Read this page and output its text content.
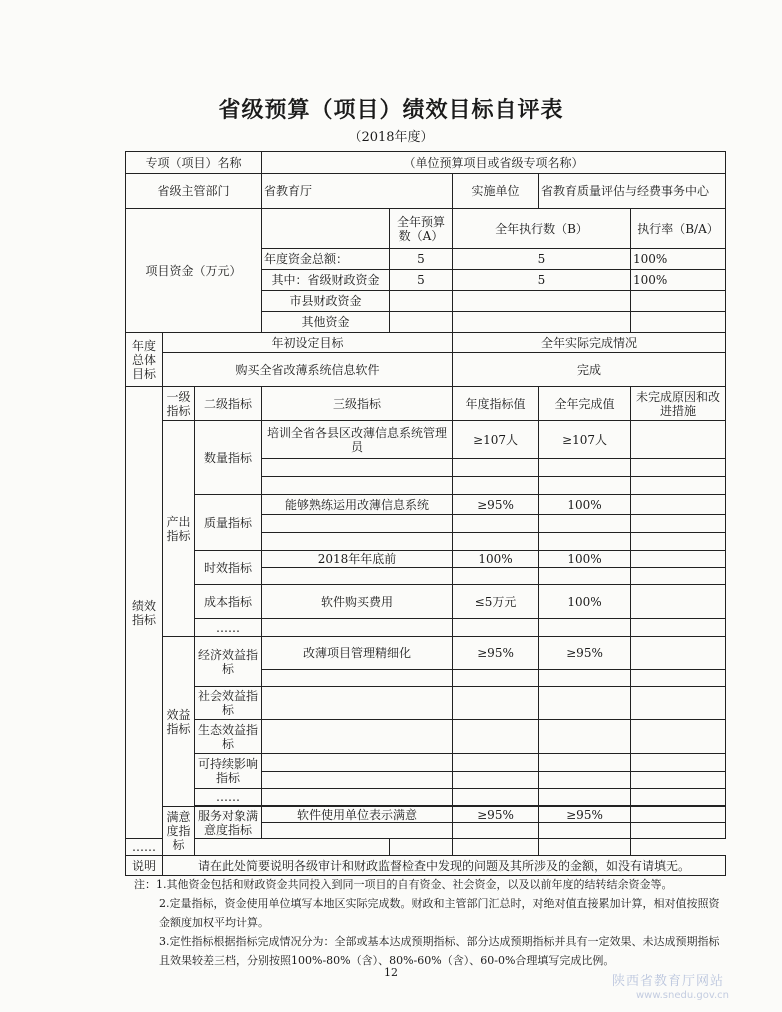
省级预算（项目）绩效目标自评表
（2018年度）
专项（项目）名称			（单位预算项目或省级专项名称）				
省级主管部门			省教育厅		实施单位	省教育质量评估与经费事务中心	
项目资金（万元）				全年预算数（A）	全年执行数（B）		执行率（B/A）
			年度资金总额：	5	5		100%
			其中：省级财政资金	5	5		100%
			市县财政资金				
			其他资金				
年度总体目标	年初设定目标				全年实际完成情况		
	购买全省改薄系统信息软件				完成		
绩效指标	一级指标	二级指标	三级指标		年度指标值	全年完成值	未完成原因和改进措施
	产出指标	数量指标	培训全省各县区改薄信息系统管理员		≥107人	≥107人	

		质量指标	能够熟练运用改薄信息系统		≥95%	100%	

		时效指标	2018年年底前		100%	100%	

		成本指标	软件购买费用		≤5万元	100%	
		……					
	效益指标	经济效益指标	改薄项目管理精细化		≥95%	≥95%	

		社会效益指标					
		生态效益指标					
		可持续影响指标					

		……					

	满意度指标	服务对象满意度指标	软件使用单位表示满意		≥95%	≥95%	

……							
说明	请在此处简要说明各级审计和财政监督检查中发现的问题及其所涉及的金额，如没有请填无。						

注：1.其他资金包括和财政资金共同投入到同一项目的自有资金、社会资金，以及以前年度的结转结余资金等。

2.定量指标，资金使用单位填写本地区实际完成数。财政和主管部门汇总时，对绝对值直接累加计算，相对值按照资金额度加权平均计算。

3.定性指标根据指标完成情况分为：全部或基本达成预期指标、部分达成预期指标并具有一定效果、未达成预期指标且效果较差三档，分别按照100%-80%（含）、80%-60%（含）、60-0%合理填写完成比例。

12
陕西省教育厅网站
www.snedu.gov.cn
